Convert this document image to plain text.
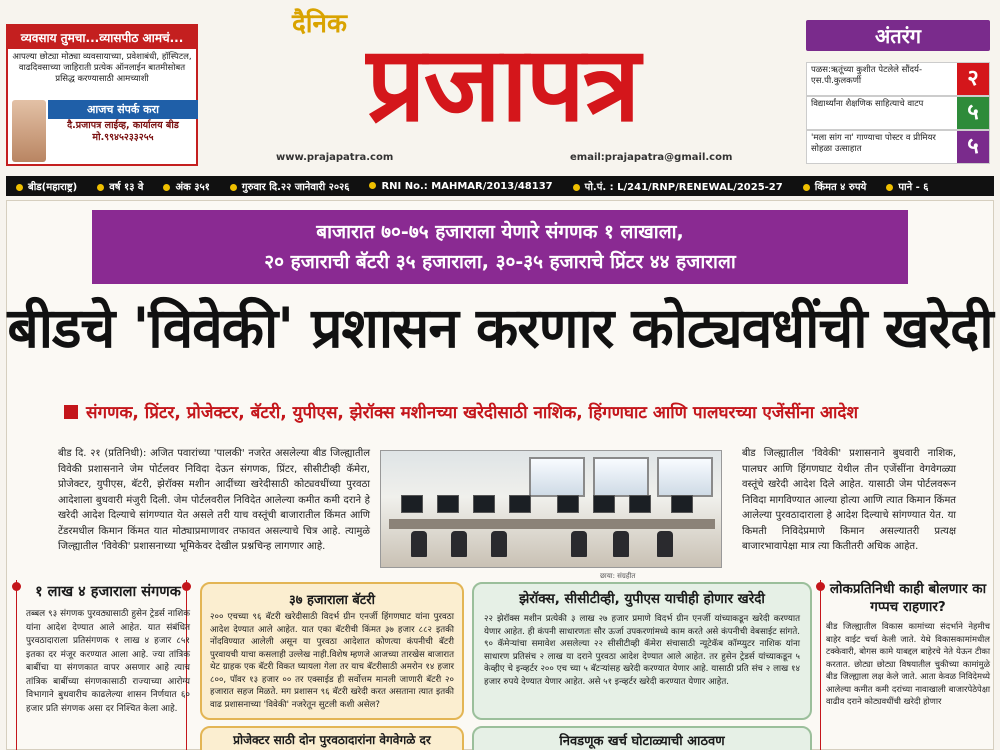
व्यवसाय तुमचा...व्यासपीठ आमचं...
आपल्या छोट्या मोठ्या व्यवसायाच्या, प्रवेशाबंधी, हॉस्पिटल, वाढदिवसाच्या जाहिराती प्रत्येक ऑनलाईन बातमीसोबत प्रसिद्ध करण्यासाठी आमच्याशी
आजच संपर्क करा
दै.प्रजापत्र लाईव्ह, कार्यालय बीड
मो.९९४५२३३२५५
दैनिक प्रजापत्र
www.prajapatra.com	email:prajapatra@gmail.com
अंतरंग
पळस:ऋतूंच्या कुशीत पेटलेले सौंदर्य-एस.पी.कुलकर्णी	२
विद्यार्थ्यांना शैक्षणिक साहित्याचे वाटप	५
'मला सांग ना' गाण्याचा पोस्टर व प्रीमियर सोहळा उत्साहात	५
बीड(महाराष्ट्र)	वर्ष १३ वे	अंक ३५१	गुरुवार दि.२२ जानेवारी २०२६	RNI No.: MAHMAR/2013/48137	पो.पं. : L/241/RNP/RENEWAL/2025-27	किंमत ४ रुपये	पाने - ६
बाजारात ७०-७५ हजाराला येणारे संगणक १ लाखाला,
२० हजाराची बॅटरी ३५ हजाराला, ३०-३५ हजाराचे प्रिंटर ४४ हजाराला
बीडचे 'विवेकी' प्रशासन करणार कोट्यवधींची खरेदी
संगणक, प्रिंटर, प्रोजेक्टर, बॅटरी, युपीएस, झेरॉक्स मशीनच्या खरेदीसाठी नाशिक, हिंगणघाट आणि पालघरच्या एजेंसींना आदेश
बीड दि. २१ (प्रतिनिधी): अजित पवारांच्या 'पालकी' नजरेत असलेल्या बीड जिल्ह्यातील विवेकी प्रशासनाने जेम पोर्टलवर निविदा देऊन संगणक, प्रिंटर, सीसीटीव्ही कॅमेरा, प्रोजेक्टर, युपीएस, बॅटरी, झेरॉक्स मशीन आदींच्या खरेदीसाठी कोट्यवधींच्या पुरवठा आदेशाला बुधवारी मंजुरी दिली. जेम पोर्टलवरील निविदेत आलेल्या कमीत कमी दराने हे खरेदी आदेश दिल्याचे सांगण्यात येत असले तरी याच वस्तूंची बाजारातील किंमत आणि टेंडरमधील किमान किंमत यात मोठ्याप्रमाणावर तफावत असल्याचे चित्र आहे. त्यामुळे जिल्ह्यातील 'विवेकी' प्रशासनाच्या भूमिकेवर देखील प्रश्नचिन्ह लागणार आहे.
छाया: संग्रहीत
बीड जिल्ह्यातील 'विवेकी' प्रशासनाने बुधवारी नाशिक, पालघर आणि हिंगणघाट येथील तीन एजेंसींना वेगवेगळ्या वस्तूंचे खरेदी आदेश दिले आहेत. यासाठी जेम पोर्टलवरून निविदा मागविण्यात आल्या होत्या आणि त्यात किमान किंमत आलेल्या पुरवठादाराला हे आदेश दिल्याचे सांगण्यात येत. या किमती निविदेप्रमाणे किमान असल्यातरी प्रत्यक्ष बाजारभावापेक्षा मात्र त्या कितीतरी अधिक आहेत.
१ लाख ४ हजाराला संगणक
तब्बल ९३ संगणक पुरवठ्यासाठी हुसेन ट्रेडर्स नाशिक यांना आदेश देण्यात आले आहेत. यात संबंधित पुरवठादाराला प्रतिसंगणक १ लाख ४ हजार ८५१ इतका दर मंजूर करण्यात आला आहे. ज्या तांत्रिक बाबींचा या संगणकात वापर असणार आहे त्याच तांत्रिक बाबींच्या संगणकासाठी राज्याच्या आरोग्य विभागाने बुधवारीच काढलेल्या शासन निर्णयात ६० हजार प्रति संगणक असा दर निश्चित केला आहे.
३७ हजाराला बॅटरी
२०० एचच्या ९६ बॅटरी खरेदीसाठी विदर्भ ग्रीन एनर्जी हिंगणघाट यांना पुरवठा आदेश देण्यात आले आहेत. यात एका बॅटरीची किंमत ३७ हजार ८८२ इतकी नोंदविण्यात आलेली असून या पुरवठा आदेशात कोणत्या कंपनीची बॅटरी पुरवायची याचा कसलाही उल्लेख नाही.विशेष म्हणजे आजच्या तारखेस बाजारात थेट ग्राहक एक बॅटरी विकत घ्यायला गेला तर याच बॅटरीसाठी अमरोन १४ हजार ८००, पॉवर १३ हजार ०० तर एक्साईड ही सर्वोत्तम मानली जाणारी बॅटरी २० हजारात सहज मिळते. मग प्रशासन ९६ बॅटरी खरेदी करत असताना त्यात इतकी वाढ प्रशासनाच्या 'विवेकी' नजरेतून सुटली कशी असेल?
प्रोजेक्टर साठी दोन पुरवठादारांना वेगवेगळे दर
झेरॉक्स, सीसीटीव्ही, युपीएस याचीही होणार खरेदी
२२ झेरॉक्स मशीन प्रत्येकी ३ लाख २७ हजार प्रमाणे विदर्भ ग्रीन एनर्जी यांच्याकडून खरेदी करण्यात येणार आहेत. ही कंपनी साधारणतः सौर ऊर्जा उपकरणांमध्ये काम करते असे कंपनीची वेबसाईट सांगते. ९० कॅमेऱ्यांचा समावेश असलेल्या २२ सीसीटीव्ही कॅमेरा संचासाठी न्यूटेकॅब कॉम्प्युटर नाशिक यांना साधारण प्रतिसंच २ लाख या दराने पुरवठा आदेश देण्यात आले आहेत. तर हुसेन ट्रेडर्स यांच्याकडून ५ केव्हीए चे इन्व्हर्टर २०० एच च्या ५ बॅटऱ्यांसह खरेदी करण्यात येणार आहे. यासाठी प्रति संच २ लाख १४ हजार रुपये देण्यात येणार आहेत. असे ५१ इन्व्हर्टर खरेदी करण्यात येणार आहेत.
निवडणूक खर्च घोटाळ्याची आठवण
लोकप्रतिनिधी काही बोलणार का गप्पच राहणार?
बीड जिल्ह्यातील विकास कामांच्या संदर्भाने नेहमीच बाहेर वाईट चर्चा केली जाते. येथे विकासकामांमधील टक्केवारी, बोगस कामे याबद्दल बाहेरचे नेते येऊन टीका करतात. छोट्या छोट्या विषयातील चुकीच्या कामांमुळे बीड जिल्ह्याला लक्ष केले जाते. आता केवळ निविदेमध्ये आलेल्या कमीत कमी दरांच्या नावाखाली बाजारपेठेपेक्षा वाढीव दराने कोट्यवधींची खरेदी होणार
